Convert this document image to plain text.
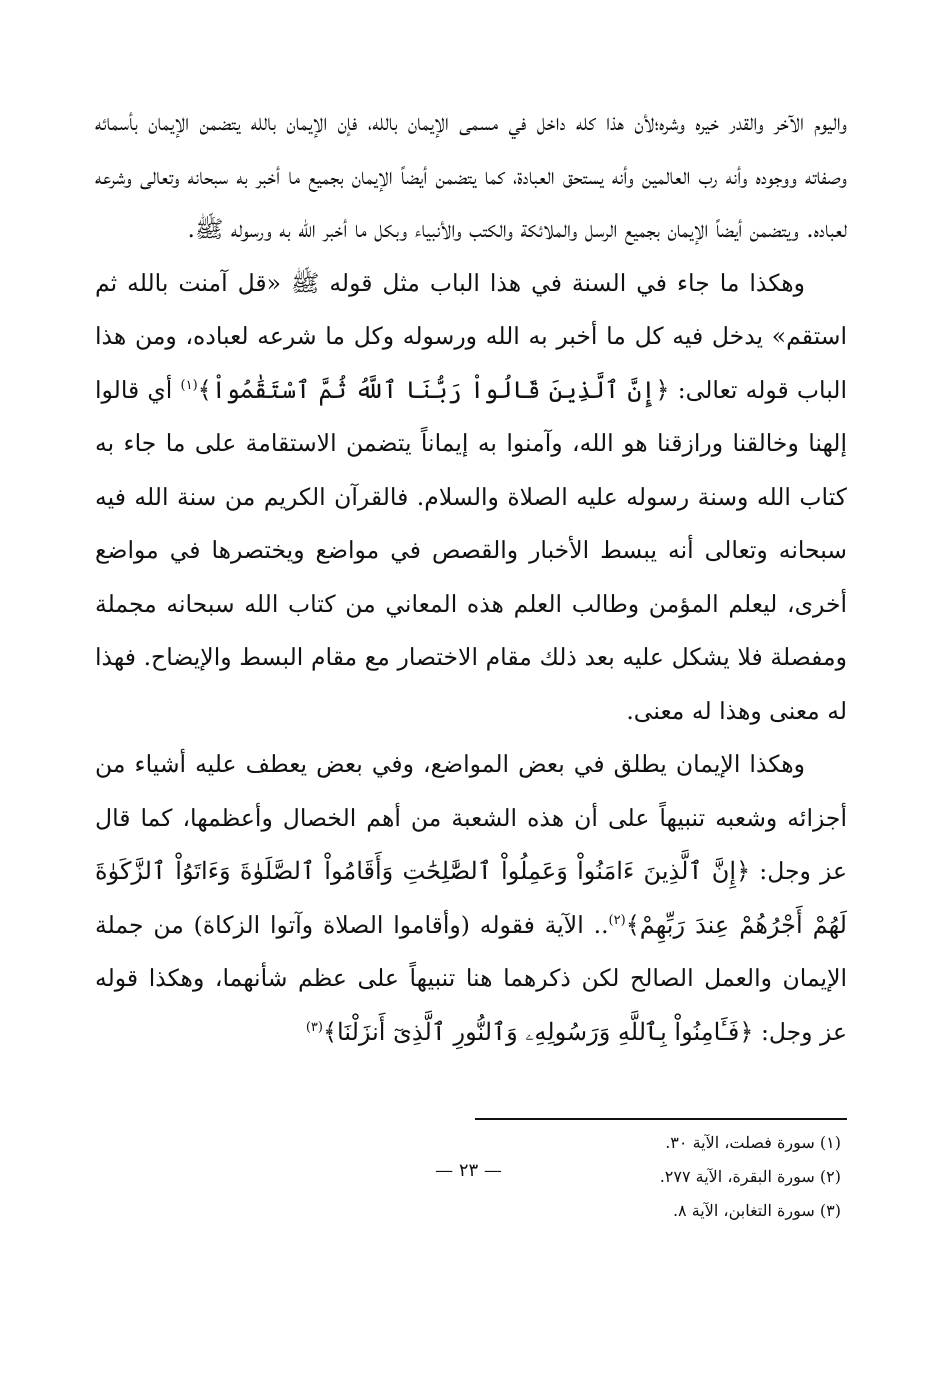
واليوم الآخر والقدر خيره وشره؛لأن هذا كله داخل في مسمى الإيمان بالله، فإن الإيمان بالله يتضمن الإيمان بأسمائه وصفاته ووجوده وأنه رب العالمين وأنه يستحق العبادة، كما يتضمن أيضاً الإيمان بجميع ما أخبر به سبحانه وتعالى وشرعه لعباده. ويتضمن أيضاً الإيمان بجميع الرسل والملائكة والكتب والأنبياء وبكل ما أخبر الله به ورسوله ﷺ.

وهكذا ما جاء في السنة في هذا الباب مثل قوله ﷺ «قل آمنت بالله ثم استقم» يدخل فيه كل ما أخبر به الله ورسوله وكل ما شرعه لعباده، ومن هذا الباب قوله تعالى: ﴿إِنَّ ٱلَّذِينَ قَالُواْ رَبُّنَا ٱللَّهُ ثُمَّ ٱسْتَقَٰمُواْ﴾$^{(١)}$ أي قالوا إلهنا وخالقنا ورازقنا هو الله، وآمنوا به إيماناً يتضمن الاستقامة على ما جاء به كتاب الله وسنة رسوله عليه الصلاة والسلام. فالقرآن الكريم من سنة الله فيه سبحانه وتعالى أنه يبسط الأخبار والقصص في مواضع ويختصرها في مواضع أخرى، ليعلم المؤمن وطالب العلم هذه المعاني من كتاب الله سبحانه مجملة ومفصلة فلا يشكل عليه بعد ذلك مقام الاختصار مع مقام البسط والإيضاح. فهذا له معنى وهذا له معنى.

وهكذا الإيمان يطلق في بعض المواضع، وفي بعض يعطف عليه أشياء من أجزائه وشعبه تنبيهاً على أن هذه الشعبة من أهم الخصال وأعظمها، كما قال عز وجل: ﴿إِنَّ ٱلَّذِينَ ءَامَنُواْ وَعَمِلُواْ ٱلصَّٰلِحَٰتِ وَأَقَامُواْ ٱلصَّلَوٰةَ وَءَاتَوُاْ ٱلزَّكَوٰةَ لَهُمْ أَجْرُهُمْ عِندَ رَبِّهِمْ﴾$^{(٢)}$.. الآية فقوله (وأقاموا الصلاة وآتوا الزكاة) من جملة الإيمان والعمل الصالح لكن ذكرهما هنا تنبيهاً على عظم شأنهما، وهكذا قوله عز وجل: ﴿فَـَٔامِنُواْ بِٱللَّهِ وَرَسُولِهِۦ وَٱلنُّورِ ٱلَّذِىٓ أَنزَلْنَا﴾$^{(٣)}$

(١) سورة فصلت، الآية ٣٠.
(٢) سورة البقرة، الآية ٢٧٧.
(٣) سورة التغابن، الآية ٨.
— ٢٣ —
